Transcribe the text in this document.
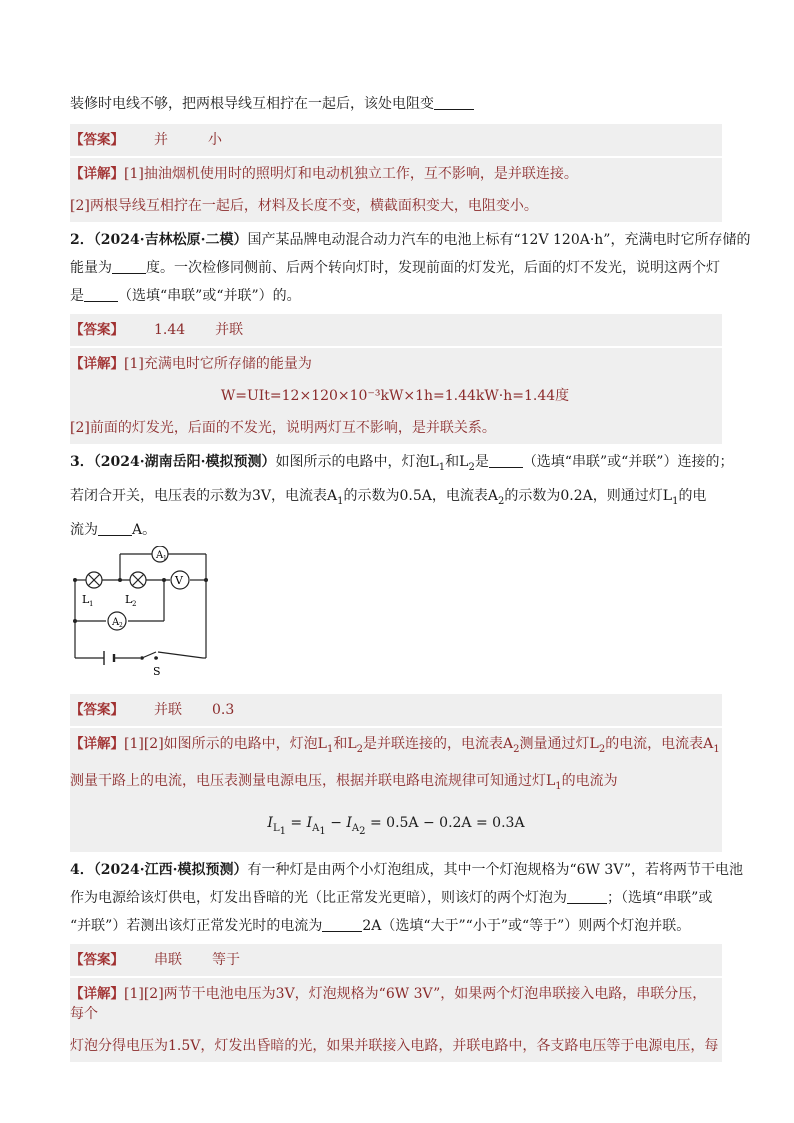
装修时电线不够，把两根导线互相拧在一起后，该处电阻变

【答案】 并	小
【详解】[1]抽油烟机使用时的照明灯和电动机独立工作，互不影响，是并联连接。
[2]两根导线互相拧在一起后，材料及长度不变，横截面积变大，电阻变小。

2．（2024·吉林松原·二模）国产某品牌电动混合动力汽车的电池上标有“12V 120A·h”，充满电时它所存储的

能量为 度。一次检修同侧前、后两个转向灯时，发现前面的灯发光，后面的灯不发光，说明这两个灯

是 （选填“串联”或“并联”）的。

【答案】 1.44 并联
【详解】[1]充满电时它所存储的能量为
W=UIt=12×120×10⁻³kW×1h=1.44kW·h=1.44度
[2]前面的灯发光，后面的不发光，说明两灯互不影响，是并联关系。

3．（2024·湖南岳阳·模拟预测）如图所示的电路中，灯泡$L_1$和$L_2$是 （选填“串联”或“并联”）连接的；

若闭合开关，电压表的示数为3V，电流表$A_1$的示数为0.5A，电流表$A_2$的示数为0.2A，则通过灯$L_1$的电

流为 A。

A 1
V
A 2
L 1	L 2
S
【答案】 并联 0.3
【详解】[1][2]如图所示的电路中，灯泡$L_1$和$L_2$是并联连接的，电流表$A_2$测量通过灯$L_2$的电流，电流表$A_1$
测量干路上的电流，电压表测量电源电压，根据并联电路电流规律可知通过灯$L_1$的电流为
$I_{L_1} = I_{A_1} - I_{A_2} = 0.5A - 0.2A = 0.3A$

4．（2024·江西·模拟预测）有一种灯是由两个小灯泡组成，其中一个灯泡规格为“6W 3V”，若将两节干电池

作为电源给该灯供电，灯发出昏暗的光（比正常发光更暗），则该灯的两个灯泡为	；（选填“串联”或

“并联”）若测出该灯正常发光时的电流为	2A（选填“大于”“小于”或“等于”）则两个灯泡并联。

【答案】 串联 等于
【详解】[1][2]两节干电池电压为3V，灯泡规格为“6W 3V”，如果两个灯泡串联接入电路，串联分压，每个
灯泡分得电压为1.5V，灯发出昏暗的光，如果并联接入电路，并联电路中，各支路电压等于电源电压，每
